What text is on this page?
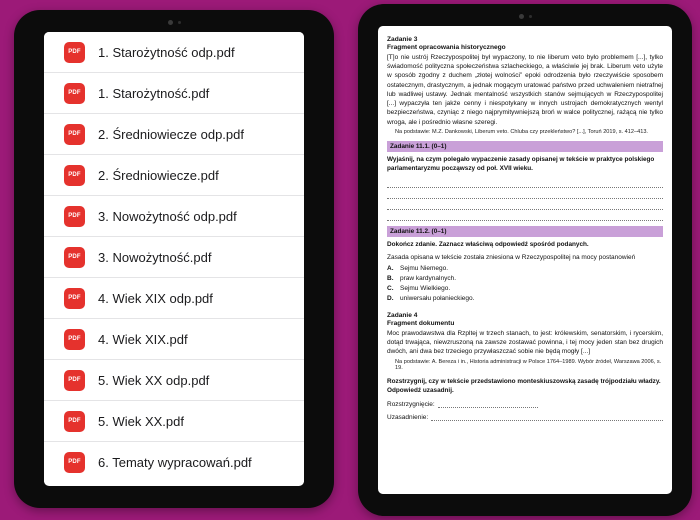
PDF	1. Starożytność odp.pdf
PDF	1. Starożytność.pdf
PDF	2. Średniowiecze odp.pdf
PDF	2. Średniowiecze.pdf
PDF	3. Nowożytność odp.pdf
PDF	3. Nowożytność.pdf
PDF	4. Wiek XIX odp.pdf
PDF	4. Wiek XIX.pdf
PDF	5. Wiek XX odp.pdf
PDF	5. Wiek XX.pdf
PDF	6. Tematy wypracowań.pdf
Zadanie 3
Fragment opracowania historycznego
[T]o nie ustrój Rzeczypospolitej był wypaczony, to nie liberum veto było problemem [...], tylko świadomość polityczna społeczeństwa szlacheckiego, a właściwie jej brak. Liberum veto użyte w sposób zgodny z duchem „złotej wolności” epoki odrodzenia było rzeczywiście sposobem ostatecznym, drastycznym, a jednak mogącym uratować państwo przed uchwaleniem nietrafnej lub wadliwej ustawy. Jednak mentalność wszystkich stanów sejmujących w Rzeczypospolitej [...] wypaczyła ten jakże cenny i niespotykany w innych ustrojach demokratycznych wentyl bezpieczeństwa, czyniąc z niego najprymitywniejszą broń w walce politycznej, rażącą nie tylko wroga, ale i pośrednio własne szeregi.
Na podstawie: M.Z. Dankowski, Liberum veto. Chluba czy przekleństwo? [...], Toruń 2019, s. 412–413.
Zadanie 11.1. (0–1)
Wyjaśnij, na czym polegało wypaczenie zasady opisanej w tekście w praktyce polskiego parlamentaryzmu począwszy od poł. XVII wieku.
Zadanie 11.2. (0–1)
Dokończ zdanie. Zaznacz właściwą odpowiedź spośród podanych.
Zasada opisana w tekście została zniesiona w Rzeczypospolitej na mocy postanowień
A.	Sejmu Niemego.
B.	praw kardynalnych.
C.	Sejmu Wielkiego.
D.	uniwersału połanieckiego.
Zadanie 4
Fragment dokumentu
Moc prawodawstwa dla Rzpltej w trzech stanach, to jest: królewskim, senatorskim, i rycerskim, dotąd trwająca, niewzruszoną na zawsze zostawać powinna, i tej mocy jeden stan bez drugich dwóch, ani dwa bez trzeciego przywłaszczać sobie nie będą mogły [...]
Na podstawie: A. Bereza i in., Historia administracji w Polsce 1764–1989. Wybór źródeł, Warszawa 2006, s. 19.
Rozstrzygnij, czy w tekście przedstawiono monteskiuszowską zasadę trójpodziału władzy. Odpowiedź uzasadnij.
Rozstrzygnięcie:
Uzasadnienie:
